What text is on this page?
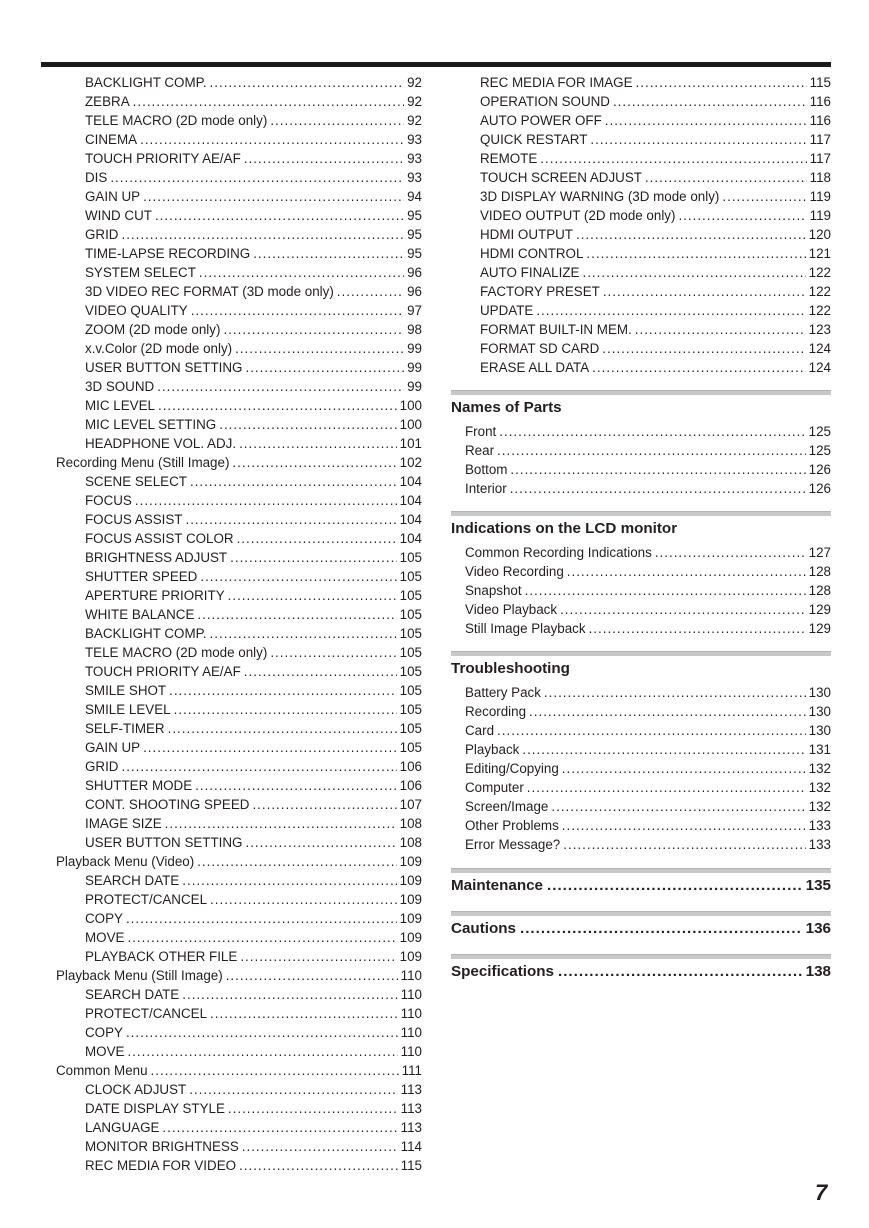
BACKLIGHT COMP. .....	92
ZEBRA .....	92
TELE MACRO (2D mode only) .....	92
CINEMA .....	93
TOUCH PRIORITY AE/AF .....	93
DIS .....	93
GAIN UP .....	94
WIND CUT .....	95
GRID .....	95
TIME-LAPSE RECORDING .....	95
SYSTEM SELECT .....	96
3D VIDEO REC FORMAT (3D mode only) .....	96
VIDEO QUALITY .....	97
ZOOM (2D mode only) .....	98
x.v.Color (2D mode only) .....	99
USER BUTTON SETTING .....	99
3D SOUND .....	99
MIC LEVEL .....	100
MIC LEVEL SETTING .....	100
HEADPHONE VOL. ADJ. .....	101
Recording Menu (Still Image) .....	102
SCENE SELECT .....	104
FOCUS .....	104
FOCUS ASSIST .....	104
FOCUS ASSIST COLOR .....	104
BRIGHTNESS ADJUST .....	105
SHUTTER SPEED .....	105
APERTURE PRIORITY .....	105
WHITE BALANCE .....	105
BACKLIGHT COMP. .....	105
TELE MACRO (2D mode only) .....	105
TOUCH PRIORITY AE/AF .....	105
SMILE SHOT .....	105
SMILE LEVEL .....	105
SELF-TIMER .....	105
GAIN UP .....	105
GRID .....	106
SHUTTER MODE .....	106
CONT. SHOOTING SPEED .....	107
IMAGE SIZE .....	108
USER BUTTON SETTING .....	108
Playback Menu (Video) .....	109
SEARCH DATE .....	109
PROTECT/CANCEL .....	109
COPY .....	109
MOVE .....	109
PLAYBACK OTHER FILE .....	109
Playback Menu (Still Image) .....	110
SEARCH DATE .....	110
PROTECT/CANCEL .....	110
COPY .....	110
MOVE .....	110
Common Menu .....	111
CLOCK ADJUST .....	113
DATE DISPLAY STYLE .....	113
LANGUAGE .....	113
MONITOR BRIGHTNESS .....	114
REC MEDIA FOR VIDEO .....	115
REC MEDIA FOR IMAGE .....	115
OPERATION SOUND .....	116
AUTO POWER OFF .....	116
QUICK RESTART .....	117
REMOTE .....	117
TOUCH SCREEN ADJUST .....	118
3D DISPLAY WARNING (3D mode only) .....	119
VIDEO OUTPUT (2D mode only) .....	119
HDMI OUTPUT .....	120
HDMI CONTROL .....	121
AUTO FINALIZE .....	122
FACTORY PRESET .....	122
UPDATE .....	122
FORMAT BUILT-IN MEM. .....	123
FORMAT SD CARD .....	124
ERASE ALL DATA .....	124
Names of Parts
Front .....	125
Rear .....	125
Bottom .....	126
Interior .....	126
Indications on the LCD monitor
Common Recording Indications .....	127
Video Recording .....	128
Snapshot .....	128
Video Playback .....	129
Still Image Playback .....	129
Troubleshooting
Battery Pack .....	130
Recording .....	130
Card .....	130
Playback .....	131
Editing/Copying .....	132
Computer .....	132
Screen/Image .....	132
Other Problems .....	133
Error Message? .....	133
Maintenance .....	135
Cautions .....	136
Specifications .....	138
7
